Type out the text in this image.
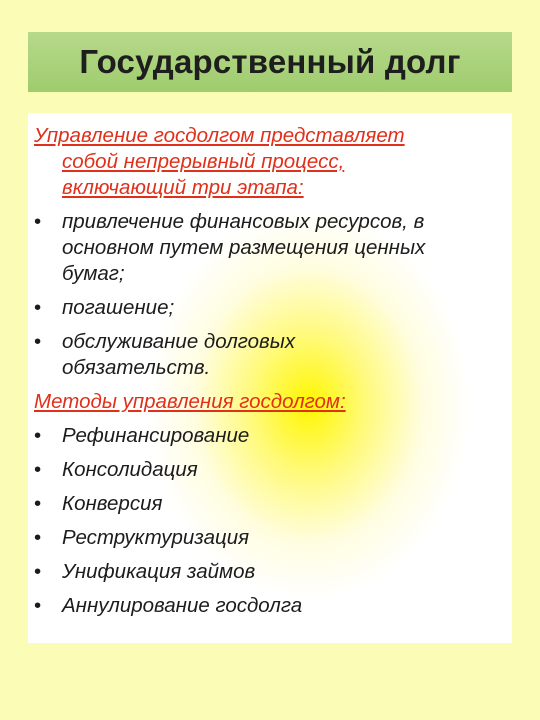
Государственный долг
Управление госдолгом представляет
собой непрерывный процесс,
включающий три этапа:
•	привлечение финансовых ресурсов, в
основном путем размещения ценных
бумаг;
•	погашение;
•	обслуживание долговых
обязательств.
Методы управления госдолгом:
•	Рефинансирование
•	Консолидация
•	Конверсия
•	Реструктуризация
•	Унификация займов
•	Аннулирование госдолга
